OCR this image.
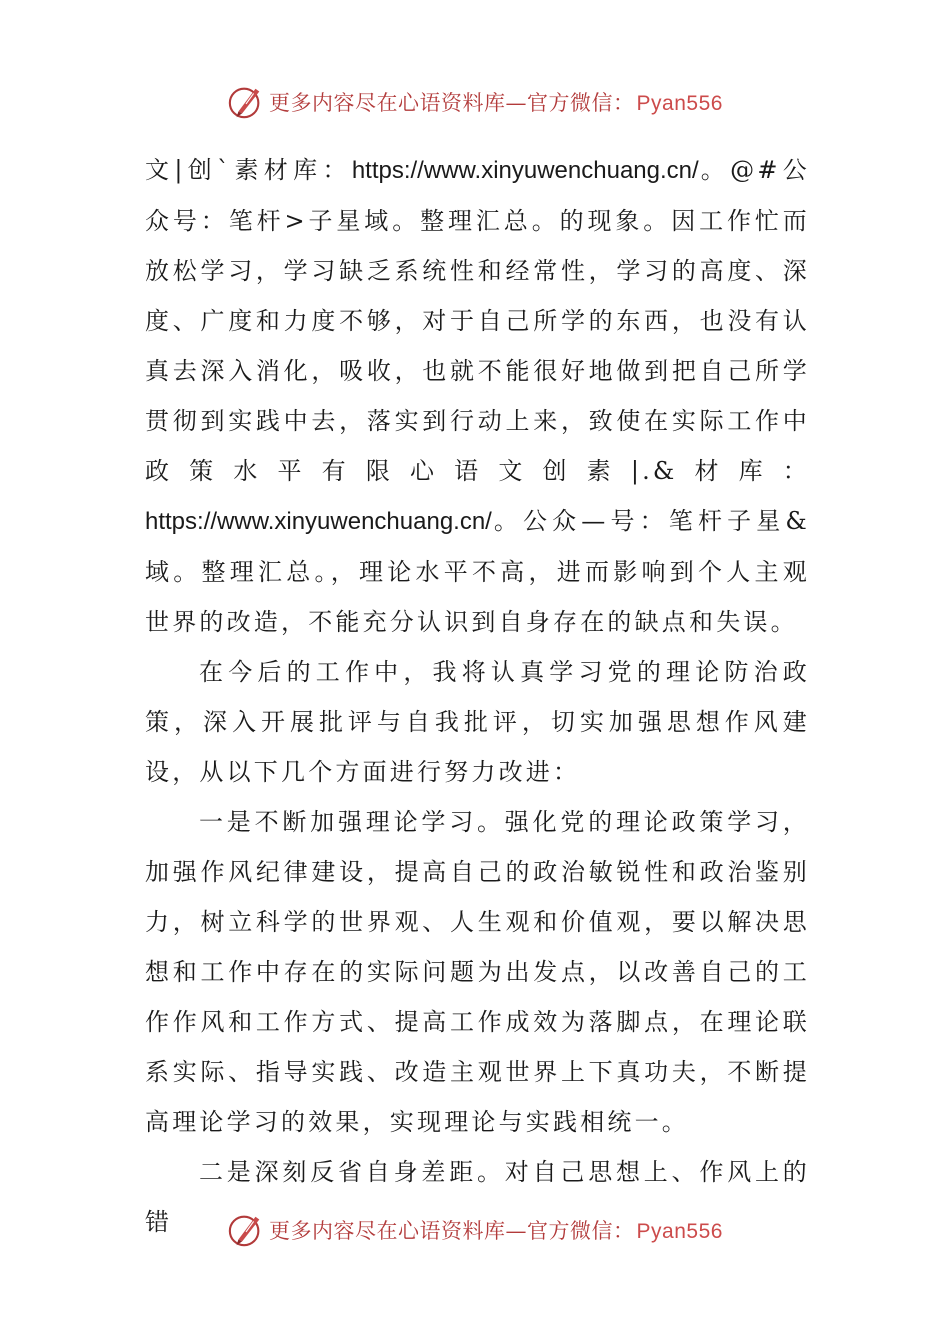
更多内容尽在心语资料库—官方微信：Pyan556

文|创`素材库：https://www.xinyuwenchuang.cn/。@#公众号：笔杆>子星域。整理汇总。的现象。因工作忙而放松学习，学习缺乏系统性和经常性，学习的高度、深度、广度和力度不够，对于自己所学的东西，也没有认真去深入消化，吸收，也就不能很好地做到把自己所学贯彻到实践中去，落实到行动上来，致使在实际工作中政策水平有限心语文创素|.&材库：https://www.xinyuwenchuang.cn/。公众—号：笔杆子星&域。整理汇总。，理论水平不高，进而影响到个人主观世界的改造，不能充分认识到自身存在的缺点和失误。

在今后的工作中，我将认真学习党的理论防治政策，深入开展批评与自我批评，切实加强思想作风建设，从以下几个方面进行努力改进：

一是不断加强理论学习。强化党的理论政策学习，加强作风纪律建设，提高自己的政治敏锐性和政治鉴别力，树立科学的世界观、人生观和价值观，要以解决思想和工作中存在的实际问题为出发点，以改善自己的工作作风和工作方式、提高工作成效为落脚点，在理论联系实际、指导实践、改造主观世界上下真功夫，不断提高理论学习的效果，实现理论与实践相统一。

二是深刻反省自身差距。对自己思想上、作风上的错	更多内容尽在心语资料库—官方微信：Pyan556
